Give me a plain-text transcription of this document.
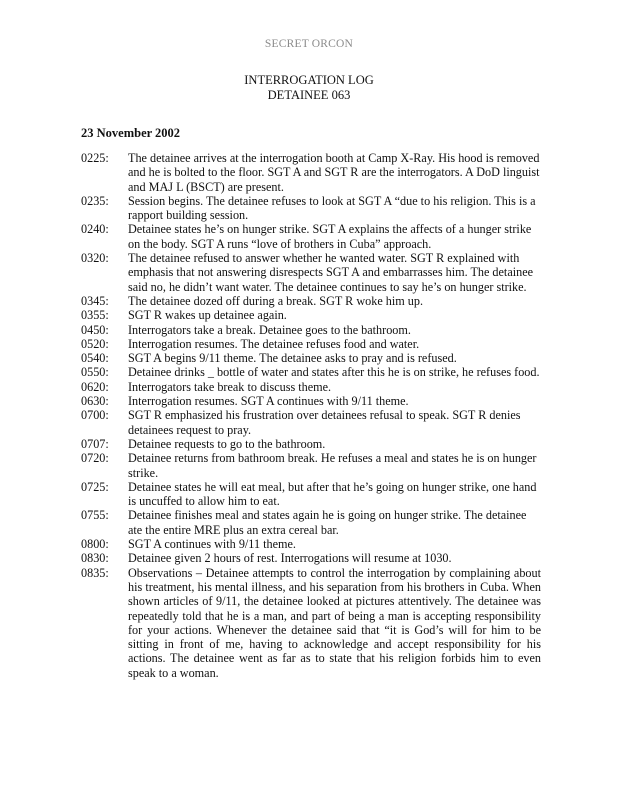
SECRET ORCON
INTERROGATION LOG
DETAINEE 063
23 November 2002
0225:	The detainee arrives at the interrogation booth at Camp X-Ray. His hood is removed and he is bolted to the floor. SGT A and SGT R are the interrogators. A DoD linguist and MAJ L (BSCT) are present.
0235:	Session begins. The detainee refuses to look at SGT A “due to his religion. This is a rapport building session.
0240:	Detainee states he’s on hunger strike. SGT A explains the affects of a hunger strike on the body. SGT A runs “love of brothers in Cuba” approach.
0320:	The detainee refused to answer whether he wanted water. SGT R explained with emphasis that not answering disrespects SGT A and embarrasses him. The detainee said no, he didn’t want water. The detainee continues to say he’s on hunger strike.
0345:	The detainee dozed off during a break. SGT R woke him up.
0355:	SGT R wakes up detainee again.
0450:	Interrogators take a break. Detainee goes to the bathroom.
0520:	Interrogation resumes. The detainee refuses food and water.
0540:	SGT A begins 9/11 theme. The detainee asks to pray and is refused.
0550:	Detainee drinks _ bottle of water and states after this he is on strike, he refuses food.
0620:	Interrogators take break to discuss theme.
0630:	Interrogation resumes. SGT A continues with 9/11 theme.
0700:	SGT R emphasized his frustration over detainees refusal to speak. SGT R denies detainees request to pray.
0707:	Detainee requests to go to the bathroom.
0720:	Detainee returns from bathroom break. He refuses a meal and states he is on hunger strike.
0725:	Detainee states he will eat meal, but after that he’s going on hunger strike, one hand is uncuffed to allow him to eat.
0755:	Detainee finishes meal and states again he is going on hunger strike. The detainee ate the entire MRE plus an extra cereal bar.
0800:	SGT A continues with 9/11 theme.
0830:	Detainee given 2 hours of rest. Interrogations will resume at 1030.
0835:	Observations – Detainee attempts to control the interrogation by complaining about his treatment, his mental illness, and his separation from his brothers in Cuba. When shown articles of 9/11, the detainee looked at pictures attentively. The detainee was repeatedly told that he is a man, and part of being a man is accepting responsibility for your actions. Whenever the detainee said that “it is God’s will for him to be sitting in front of me, having to acknowledge and accept responsibility for his actions. The detainee went as far as to state that his religion forbids him to even speak to a woman.
